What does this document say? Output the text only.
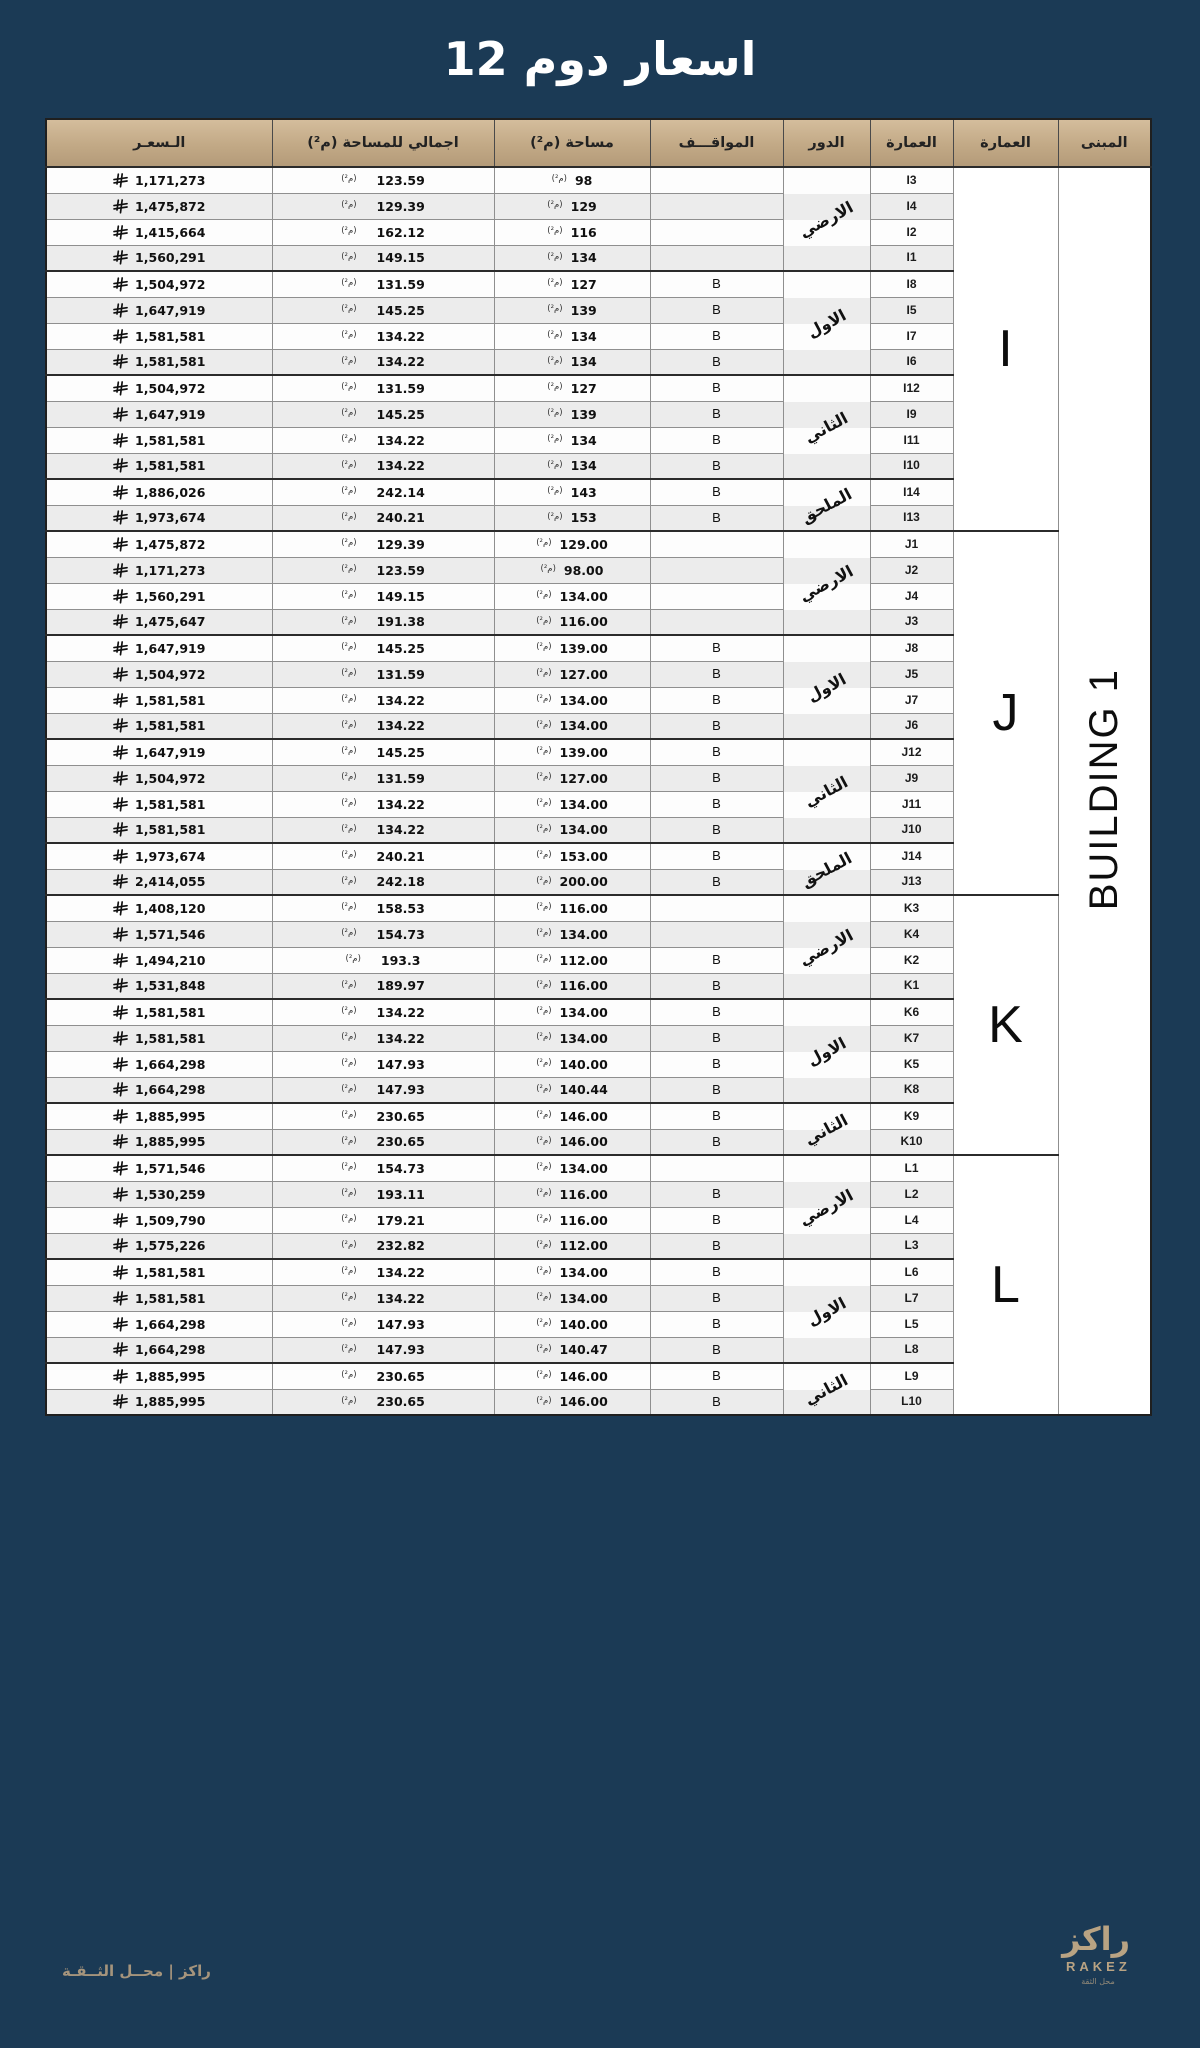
اسعار دوم 12
المبنى	العمارة	العمارة	الدور	المواقـــف	مساحة (م²)	اجمالي للمساحة (م²)	الـسعـر
BUILDING 1	I	I3	الارضي		(م²) 98	(م²) 123.59	1,171,273

		I4			(م²) 129	(م²) 129.39	1,475,872

		I2			(م²) 116	(م²) 162.12	1,415,664

		I1			(م²) 134	(م²) 149.15	1,560,291

		I8	الاول	B	(م²) 127	(م²) 131.59	1,504,972

		I5		B	(م²) 139	(م²) 145.25	1,647,919

		I7		B	(م²) 134	(م²) 134.22	1,581,581

		I6		B	(م²) 134	(م²) 134.22	1,581,581

		I12	الثاني	B	(م²) 127	(م²) 131.59	1,504,972

		I9		B	(م²) 139	(م²) 145.25	1,647,919

		I11		B	(م²) 134	(م²) 134.22	1,581,581

		I10		B	(م²) 134	(م²) 134.22	1,581,581

		I14	الملحق	B	(م²) 143	(م²) 242.14	1,886,026

		I13		B	(م²) 153	(م²) 240.21	1,973,674

	J	J1	الارضي		(م²) 129.00	(م²) 129.39	1,475,872

		J2			(م²) 98.00	(م²) 123.59	1,171,273

		J4			(م²) 134.00	(م²) 149.15	1,560,291

		J3			(م²) 116.00	(م²) 191.38	1,475,647

		J8	الاول	B	(م²) 139.00	(م²) 145.25	1,647,919

		J5		B	(م²) 127.00	(م²) 131.59	1,504,972

		J7		B	(م²) 134.00	(م²) 134.22	1,581,581

		J6		B	(م²) 134.00	(م²) 134.22	1,581,581

		J12	الثاني	B	(م²) 139.00	(م²) 145.25	1,647,919

		J9		B	(م²) 127.00	(م²) 131.59	1,504,972

		J11		B	(م²) 134.00	(م²) 134.22	1,581,581

		J10		B	(م²) 134.00	(م²) 134.22	1,581,581

		J14	الملحق	B	(م²) 153.00	(م²) 240.21	1,973,674

		J13		B	(م²) 200.00	(م²) 242.18	2,414,055

	K	K3	الارضي		(م²) 116.00	(م²) 158.53	1,408,120

		K4			(م²) 134.00	(م²) 154.73	1,571,546

		K2		B	(م²) 112.00	(م²) 193.3	1,494,210

		K1		B	(م²) 116.00	(م²) 189.97	1,531,848

		K6	الاول	B	(م²) 134.00	(م²) 134.22	1,581,581

		K7		B	(م²) 134.00	(م²) 134.22	1,581,581

		K5		B	(م²) 140.00	(م²) 147.93	1,664,298

		K8		B	(م²) 140.44	(م²) 147.93	1,664,298

		K9	الثاني	B	(م²) 146.00	(م²) 230.65	1,885,995

		K10		B	(م²) 146.00	(م²) 230.65	1,885,995

	L	L1	الارضي		(م²) 134.00	(م²) 154.73	1,571,546

		L2		B	(م²) 116.00	(م²) 193.11	1,530,259

		L4		B	(م²) 116.00	(م²) 179.21	1,509,790

		L3		B	(م²) 112.00	(م²) 232.82	1,575,226

		L6	الاول	B	(م²) 134.00	(م²) 134.22	1,581,581

		L7		B	(م²) 134.00	(م²) 134.22	1,581,581

		L5		B	(م²) 140.00	(م²) 147.93	1,664,298

		L8		B	(م²) 140.47	(م²) 147.93	1,664,298

		L9	الثاني	B	(م²) 146.00	(م²) 230.65	1,885,995

		L10		B	(م²) 146.00	(م²) 230.65	1,885,995
راكز | محــل الثــقـة
راكز
RAKEZ
محل الثقة
